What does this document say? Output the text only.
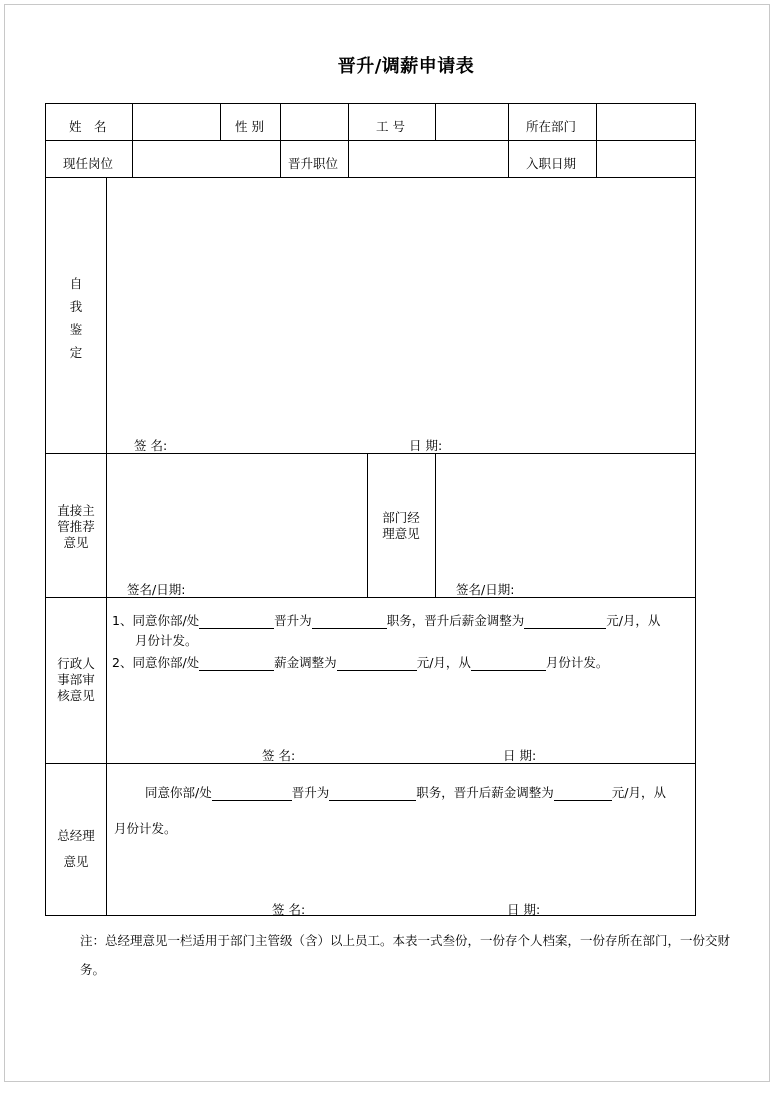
晋升/调薪申请表
姓　名	性 别	工 号	所在部门
现任岗位	晋升职位	入职日期
自
我
鉴
定
签 名:	日 期:
直接主
管推荐
意见
签名/日期:
部门经
理意见
签名/日期:
行政人
事部审
核意见
1、同意你部/处	晋升为	职务，晋升后薪金调整为	元/月，从
月份计发。
2、同意你部/处	薪金调整为	元/月，从	月份计发。
签 名:	日 期:
总经理
意见
同意你部/处	晋升为	职务，晋升后薪金调整为	元/月，从
月份计发。
签 名:	日 期:
注：总经理意见一栏适用于部门主管级（含）以上员工。本表一式叁份，一份存个人档案，一份存所在部门，一份交财务。
